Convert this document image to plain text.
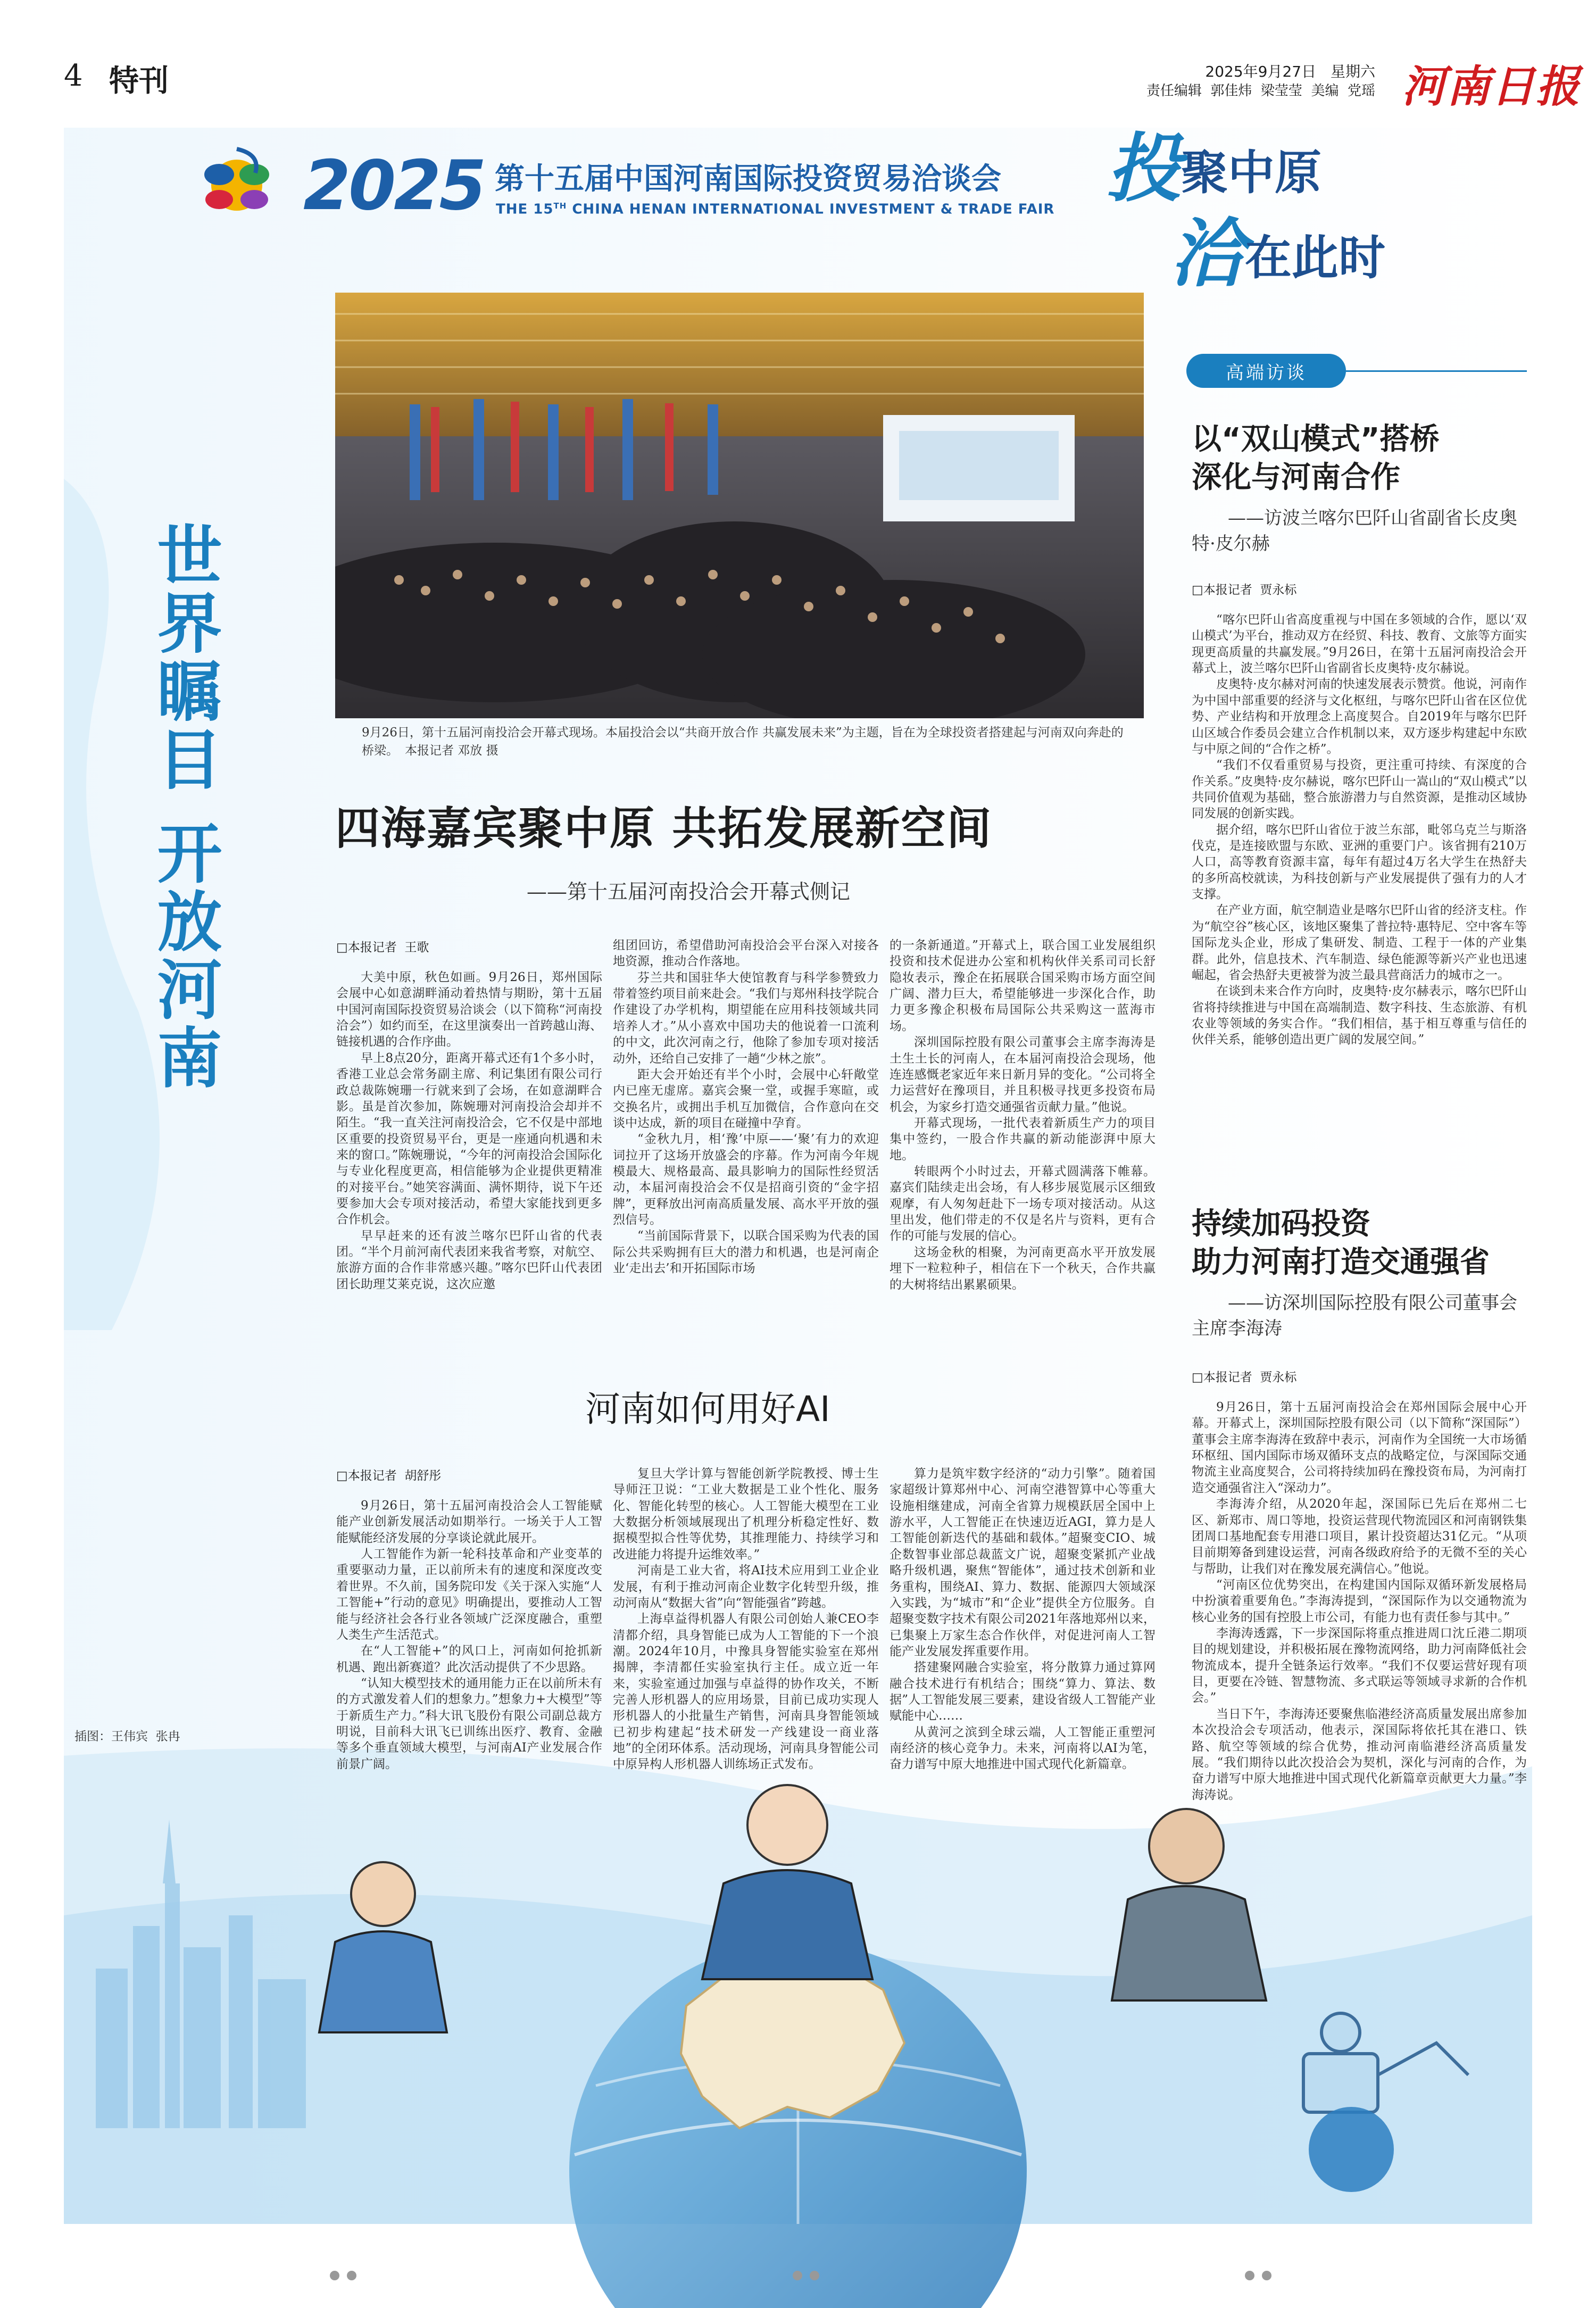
4 特刊	2025年9月27日 星期六
责任编辑  郭佳炜  梁莹莹  美编  党瑶 河南日报
2025 第十五届中国河南国际投资贸易洽谈会
THE 15TH CHINA HENAN INTERNATIONAL INVESTMENT & TRADE FAIR 投聚中原
洽在此时
世界瞩目 开放河南	9月26日，第十五届河南投洽会开幕式现场。本届投洽会以“共商开放合作 共赢发展未来”为主题，旨在为全球投资者搭建起与河南双向奔赴的桥梁。 本报记者 邓放 摄
四海嘉宾聚中原 共拓发展新空间
——第十五届河南投洽会开幕式侧记
□本报记者  王歌

大美中原，秋色如画。9月26日，郑州国际会展中心如意湖畔涌动着热情与期盼，第十五届中国河南国际投资贸易洽谈会（以下简称“河南投洽会”）如约而至，在这里演奏出一首跨越山海、链接机遇的合作序曲。

早上8点20分，距离开幕式还有1个多小时，香港工业总会常务副主席、利记集团有限公司行政总裁陈婉珊一行就来到了会场，在如意湖畔合影。虽是首次参加，陈婉珊对河南投洽会却并不陌生。“我一直关注河南投洽会，它不仅是中部地区重要的投资贸易平台，更是一座通向机遇和未来的窗口。”陈婉珊说，“今年的河南投洽会国际化与专业化程度更高，相信能够为企业提供更精准的对接平台。”她笑容满面、满怀期待，说下午还要参加大会专项对接活动，希望大家能找到更多合作机会。

早早赶来的还有波兰喀尔巴阡山省的代表团。“半个月前河南代表团来我省考察，对航空、旅游方面的合作非常感兴趣。”喀尔巴阡山代表团团长助理艾莱克说，这次应邀

组团回访，希望借助河南投洽会平台深入对接各地资源，推动合作落地。

芬兰共和国驻华大使馆教育与科学参赞致力带着签约项目前来赴会。“我们与郑州科技学院合作建设了办学机构，期望能在应用科技领域共同培养人才。”从小喜欢中国功夫的他说着一口流利的中文，此次河南之行，他除了参加专项对接活动外，还给自己安排了一趟“少林之旅”。

距大会开始还有半个小时，会展中心轩敞堂内已座无虚席。嘉宾会聚一堂，或握手寒暄，或交换名片，或拥出手机互加微信，合作意向在交谈中达成，新的项目在碰撞中孕育。

“金秋九月，相‘豫’中原——‘聚’有力的欢迎词拉开了这场开放盛会的序幕。作为河南今年规模最大、规格最高、最具影响力的国际性经贸活动，本届河南投洽会不仅是招商引资的“金字招牌”，更释放出河南高质量发展、高水平开放的强烈信号。

“当前国际背景下，以联合国采购为代表的国际公共采购拥有巨大的潜力和机遇，也是河南企业‘走出去’和开拓国际市场

的一条新通道。”开幕式上，联合国工业发展组织投资和技术促进办公室和机构伙伴关系司司长舒隐妆表示，豫企在拓展联合国采购市场方面空间广阔、潜力巨大，希望能够进一步深化合作，助力更多豫企积极布局国际公共采购这一蓝海市场。

深圳国际控股有限公司董事会主席李海涛是土生土长的河南人，在本届河南投洽会现场，他连连感慨老家近年来日新月异的变化。“公司将全力运营好在豫项目，并且积极寻找更多投资布局机会，为家乡打造交通强省贡献力量。”他说。

开幕式现场，一批代表着新质生产力的项目集中签约，一股合作共赢的新动能澎湃中原大地。

转眼两个小时过去，开幕式圆满落下帷幕。嘉宾们陆续走出会场，有人移步展览展示区细致观摩，有人匆匆赶赴下一场专项对接活动。从这里出发，他们带走的不仅是名片与资料，更有合作的可能与发展的信心。

这场金秋的相聚，为河南更高水平开放发展埋下一粒粒种子，相信在下一个秋天，合作共赢的大树将结出累累硕果。

河南如何用好AI
□本报记者  胡舒彤

9月26日，第十五届河南投洽会人工智能赋能产业创新发展活动如期举行。一场关于人工智能赋能经济发展的分享谈论就此展开。

人工智能作为新一轮科技革命和产业变革的重要驱动力量，正以前所未有的速度和深度改变着世界。不久前，国务院印发《关于深入实施“人工智能+”行动的意见》明确提出，要推动人工智能与经济社会各行业各领域广泛深度融合，重塑人类生产生活范式。

在“人工智能+”的风口上，河南如何抢抓新机遇、跑出新赛道？此次活动提供了不少思路。

“认知大模型技术的通用能力正在以前所未有的方式激发着人们的想象力。”想象力+大模型”等于新质生产力。”科大讯飞股份有限公司副总裁方明说，目前科大讯飞已训练出医疗、教育、金融等多个垂直领域大模型，与河南AI产业发展合作前景广阔。

复旦大学计算与智能创新学院教授、博士生导师汪卫说：“工业大数据是工业个性化、服务化、智能化转型的核心。人工智能大模型在工业大数据分析领域展现出了机理分析稳定性好、数据模型拟合性等优势，其推理能力、持续学习和改进能力将提升运维效率。”

河南是工业大省，将AI技术应用到工业企业发展，有利于推动河南企业数字化转型升级，推动河南从“数据大省”向“智能强省”跨越。

上海卓益得机器人有限公司创始人兼CEO李清都介绍，具身智能已成为人工智能的下一个浪潮。2024年10月，中豫具身智能实验室在郑州揭牌，李清都任实验室执行主任。成立近一年来，实验室通过加强与卓益得的协作攻关，不断完善人形机器人的应用场景，目前已成功实现人形机器人的小批量生产销售，河南具身智能领域已初步构建起“技术研发一产线建设一商业落地”的全闭环体系。活动现场，河南具身智能公司中原异构人形机器人训练场正式发布。

算力是筑牢数字经济的“动力引擎”。随着国家超级计算郑州中心、河南空港智算中心等重大设施相继建成，河南全省算力规模跃居全国中上游水平，人工智能正在快速迈近AGI，算力是人工智能创新迭代的基础和载体。”超聚变CIO、城企数智事业部总裁蓝文广说，超聚变紧抓产业战略升级机遇，聚焦“智能体”，通过技术创新和业务重构，围绕AI、算力、数据、能源四大领域深入实践，为“城市”和“企业”提供全方位服务。自超聚变数字技术有限公司2021年落地郑州以来，已集聚上万家生态合作伙伴，对促进河南人工智能产业发展发挥重要作用。

搭建聚网融合实验室，将分散算力通过算网融合技术进行有机结合；围绕“算力、算法、数据”人工智能发展三要素，建设省级人工智能产业赋能中心……

从黄河之滨到全球云端，人工智能正重塑河南经济的核心竞争力。未来，河南将以AI为笔，奋力谱写中原大地推进中国式现代化新篇章。

插图：王伟宾  张冉
高端访谈
以“双山模式”搭桥
深化与河南合作
——访波兰喀尔巴阡山省副省长皮奥特·皮尔赫
□本报记者  贾永标

“喀尔巴阡山省高度重视与中国在多领域的合作，愿以‘双山模式’为平台，推动双方在经贸、科技、教育、文旅等方面实现更高质量的共赢发展。”9月26日，在第十五届河南投洽会开幕式上，波兰喀尔巴阡山省副省长皮奥特·皮尔赫说。

皮奥特·皮尔赫对河南的快速发展表示赞赏。他说，河南作为中国中部重要的经济与文化枢纽，与喀尔巴阡山省在区位优势、产业结构和开放理念上高度契合。自2019年与喀尔巴阡山区域合作委员会建立合作机制以来，双方逐步构建起中东欧与中原之间的“合作之桥”。

“我们不仅看重贸易与投资，更注重可持续、有深度的合作关系。”皮奥特·皮尔赫说，喀尔巴阡山一嵩山的“双山模式”以共同价值观为基础，整合旅游潜力与自然资源，是推动区域协同发展的创新实践。

据介绍，喀尔巴阡山省位于波兰东部，毗邻乌克兰与斯洛伐克，是连接欧盟与东欧、亚洲的重要门户。该省拥有210万人口，高等教育资源丰富，每年有超过4万名大学生在热舒夫的多所高校就读，为科技创新与产业发展提供了强有力的人才支撑。

在产业方面，航空制造业是喀尔巴阡山省的经济支柱。作为“航空谷”核心区，该地区聚集了普拉特·惠特尼、空中客车等国际龙头企业，形成了集研发、制造、工程于一体的产业集群。此外，信息技术、汽车制造、绿色能源等新兴产业也迅速崛起，省会热舒夫更被誉为波兰最具营商活力的城市之一。

在谈到未来合作方向时，皮奥特·皮尔赫表示，喀尔巴阡山省将持续推进与中国在高端制造、数字科技、生态旅游、有机农业等领域的务实合作。“我们相信，基于相互尊重与信任的伙伴关系，能够创造出更广阔的发展空间。”

持续加码投资
助力河南打造交通强省
——访深圳国际控股有限公司董事会主席李海涛
□本报记者  贾永标

9月26日，第十五届河南投洽会在郑州国际会展中心开幕。开幕式上，深圳国际控股有限公司（以下简称“深国际”）董事会主席李海涛在致辞中表示，河南作为全国统一大市场循环枢纽、国内国际市场双循环支点的战略定位，与深国际交通物流主业高度契合，公司将持续加码在豫投资布局，为河南打造交通强省注入“深动力”。

李海涛介绍，从2020年起，深国际已先后在郑州二七区、新郑市、周口等地，投资运营现代物流园区和河南钢铁集团周口基地配套专用港口项目，累计投资超达31亿元。“从项目前期筹备到建设运营，河南各级政府给予的无微不至的关心与帮助，让我们对在豫发展充满信心。”他说。

“河南区位优势突出，在构建国内国际双循环新发展格局中扮演着重要角色。”李海涛提到，“深国际作为以交通物流为核心业务的国有控股上市公司，有能力也有责任参与其中。”

李海涛透露，下一步深国际将重点推进周口沈丘港二期项目的规划建设，并积极拓展在豫物流网络，助力河南降低社会物流成本，提升全链条运行效率。“我们不仅要运营好现有项目，更要在冷链、智慧物流、多式联运等领域寻求新的合作机会。”

当日下午，李海涛还要聚焦临港经济高质量发展出席参加本次投洽会专项活动，他表示，深国际将依托其在港口、铁路、航空等领域的综合优势，推动河南临港经济高质量发展。“我们期待以此次投洽会为契机，深化与河南的合作，为奋力谱写中原大地推进中国式现代化新篇章贡献更大力量。”李海涛说。
